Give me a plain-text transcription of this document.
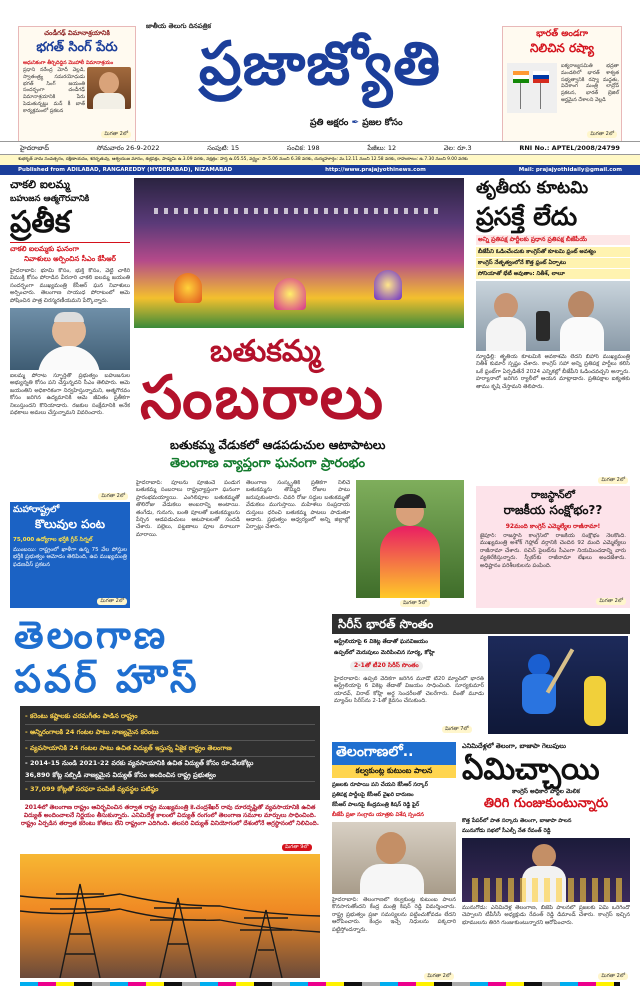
చండీగఢ్ విమానాశ్రయానికి
భగత్ సింగ్ పేరు
ఆధునికంగా తీర్చిదిద్దిన మొహాలీ విమానాశ్రయం
ప్రధాని నరేంద్ర మోదీ వెల్లడి, స్వాతంత్ర్య సమరయోధుడు భగత్ సింగ్ జయంతి సందర్భంగా చండీగఢ్ విమానాశ్రయానికి పేరు పెడుతున్నట్టు మన్ కీ బాత్ కార్యక్రమంలో ప్రకటన
మిగతా 2లో
జాతీయ తెలుగు దినపత్రిక
ప్రజాజ్యోతి
ప్రతి అక్షరం ✒ ప్రజల కోసం
భారత్ అండగా
నిలిచిన రష్యా
ఐక్యరాజ్యసమితి భద్రతా మండలిలో భారత్ శాశ్వత సభ్యత్వానికి రష్యా మద్దతు, విదేశాంగ మంత్రి లావ్రోవ్ ప్రకటన, భారత్ బ్రెజిల్ అర్హమైన దేశాలని వెల్లడి
మిగతా 2లో
హైదరాబాద్	సోమవారం 26-9-2022	సంపుటి: 15	సంచిక: 198	పేజీలు: 12	వెల: రూ.3	RNI No.: APTEL/2008/24799
శుభకృత్ నామ సంవత్సరం, దక్షిణాయనం, శరదృతువు, ఆశ్వయుజ మాసం, శుక్లపక్షం, పాడ్యమి ఉ.3.09 వరకు, నక్షత్రం: హస్త ఉ.05.55, వర్జ్యం: సా.5.06 నుంచి 6.38 వరకు, దుర్ముహూర్తం: మ.12.11 నుంచి 12.58 వరకు, రాహుకాలం: ఉ.7.30 నుంచి 9.00 వరకు
Published from ADILABAD, RANGAREDDY (HYDERABAD), NIZAMABAD	http://www.prajajyothinews.com	Mail: prajajyothidaily@gmail.com
చాకలి ఐలమ్మ
బహుజన ఆత్మగౌరవానికి
ప్రతీక
చాకలి ఐలమ్మకు ఘనంగా
నివాళులు అర్పించిన సీఎం కేసీఆర్
హైదరాబాద్: భూమి కోసం, భుక్తి కోసం, వెట్టి చాకిరి విముక్తి కోసం పోరాడిన వీరనారి చాకలి ఐలమ్మ జయంతి సందర్భంగా ముఖ్యమంత్రి కేసీఆర్ ఘన నివాళులు అర్పించారు. తెలంగాణ సాయుధ పోరాటంలో ఆమె పోషించిన పాత్ర చిరస్మరణీయమని పేర్కొన్నారు.
ఐలమ్మ పోరాట స్ఫూర్తితో ప్రభుత్వం బహుజనుల అభ్యున్నతి కోసం పని చేస్తున్నదని సీఎం తెలిపారు. ఆమె జయంతిని అధికారికంగా నిర్వహిస్తున్నామని, ఆత్మగౌరవం కోసం జరిగిన ఉద్యమానికి ఆమె జీవితం ప్రతీకగా నిలుస్తుందని కొనియాడారు. రజకుల సంక్షేమానికి అనేక పథకాలు అమలు చేస్తున్నామని వివరించారు.
మిగతా 2లో
మహారాష్ట్రలో
కొలువుల పంట
75,000 ఉద్యోగాల భర్తీకి గ్రీన్ సిగ్నల్
ముంబయి: రాష్ట్రంలో ఖాళీగా ఉన్న 75 వేల పోస్టుల భర్తీకి ప్రభుత్వం ఆమోదం తెలిపింది, ఉప ముఖ్యమంత్రి ఫడణవీస్ ప్రకటన
మిగతా 2లో
బతుకమ్మ
సంబరాలు
బతుకమ్మ వేడుకలో ఆడపడుచుల ఆటాపాటలు
తెలంగాణ వ్యాప్తంగా ఘనంగా ప్రారంభం
హైదరాబాద్: పూలను పూజించే పండుగ బతుకమ్మ సంబరాలు రాష్ట్రవ్యాప్తంగా ఘనంగా ప్రారంభమయ్యాయి. ఎంగిలిపూల బతుకమ్మతో తొలిరోజు వేడుకలు అంబరాన్ని అంటాయి. తంగేడు, గునుగు, బంతి పూలతో బతుకమ్మలను పేర్చిన ఆడపడుచులు ఆటపాటలతో సందడి చేశారు. పల్లెలు, పట్టణాలు పూల వనాలుగా మారాయి.
తెలంగాణ సంస్కృతికి ప్రతీకగా నిలిచే బతుకమ్మను తొమ్మిది రోజుల పాటు జరుపుకుంటారు. చివరి రోజు సద్దుల బతుకమ్మతో వేడుకలు ముగుస్తాయి. మహిళలు సంప్రదాయ దుస్తులు ధరించి బతుకమ్మ పాటలు పాడుతూ ఆడారు. ప్రభుత్వం ఆధ్వర్యంలో అన్ని జిల్లాల్లో ఏర్పాట్లు చేశారు.
మిగతా 5లో
తృతీయ కూటమి
ప్రసక్తే లేదు
అన్ని ప్రతిపక్ష పార్టీలకు ప్రధాన ప్రతిపక్ష బీజేపీయే
బీజేపీని ఓడించేందుకు కాంగ్రెస్‌తో కూటమి ఫ్రంట్ అవశ్యం
కాంగ్రెస్ నేతృత్వంలోనే కొత్త ఫ్రంట్ ఏర్పాటు
సోనియాతో భేటీ అవుతాం: నితీశ్, లాలూ
న్యూఢిల్లీ: తృతీయ కూటమికి అవకాశమే లేదని బీహార్ ముఖ్యమంత్రి నితీశ్ కుమార్ స్పష్టం చేశారు. కాంగ్రెస్ సహా అన్ని ప్రతిపక్ష పార్టీలు కలిసి ఒకే ఫ్రంట్‌గా ఏర్పడితేనే 2024 ఎన్నికల్లో బీజేపీని ఓడించవచ్చని అన్నారు. హర్యానాలో జరిగిన ర్యాలీలో ఆయన మాట్లాడారు. ప్రతిపక్షాల ఐక్యతకు తాము కృషి చేస్తామని తెలిపారు.
మిగతా 2లో
రాజస్థాన్‌లో
రాజకీయ సంక్షోభం??
92మంది కాంగ్రెస్ ఎమ్మెల్యేల రాజీనామా!
జైపూర్: రాజస్థాన్ కాంగ్రెస్‌లో రాజకీయ సంక్షోభం నెలకొంది. ముఖ్యమంత్రి అశోక్ గెహ్లాట్ వర్గానికి చెందిన 92 మంది ఎమ్మెల్యేలు రాజీనామా చేశారు. సచిన్ పైలట్‌ను సీఎంగా నియమించడాన్ని వారు వ్యతిరేకిస్తున్నారు. స్పీకర్‌కు రాజీనామా లేఖలు అందజేశారు. అధిష్టానం పరిశీలకులను పంపింది.
మిగతా 2లో
తెలంగాణ
పవర్ హౌస్
- కరెంటు కష్టాలకు చరమగీతం పాడిన రాష్ట్రం
- అన్నిరంగాలకి 24 గంటల పాటు నాణ్యమైన కరెంటు
- వ్యవసాయానికి 24 గంటల పాటు ఉచిత విద్యుత్ ఇస్తున్న ఏకైక రాష్ట్రం తెలంగాణ
- 2014-15 నుండి 2021-22 వరకు వ్యవసాయానికి ఉచిత విద్యుత్ కోసం రూ.వేలకోట్లు
36,890 కోట్ల సబ్సిడీ నాణ్యమైన విద్యుత్ కోసం అందించిన రాష్ట్ర ప్రభుత్వం
- 37,099 కోట్లతో సరఫరా పంపిణీ వ్యవస్థల పటిష్ఠం
2014లో తెలంగాణ రాష్ట్రం ఆవిర్భవించిన తర్వాత రాష్ట్ర ముఖ్యమంత్రి కె.చంద్రశేఖర్ రావు దూరదృష్టితో వ్యవసాయానికి ఉచిత విద్యుత్ అందించాలనే నిర్ణయం తీసుకున్నారు. ఎనిమిదేళ్ల కాలంలో విద్యుత్ రంగంలో తెలంగాణ సమూల మార్పులు సాధించింది. రాష్ట్రం ఏర్పడిన తర్వాత కరెంటు కోతలు లేని రాష్ట్రంగా ఎదిగింది. తలసరి విద్యుత్ వినియోగంలో దేశంలోనే అగ్రస్థానంలో నిలిచింది.
మిగతా 9లో
సిరీస్ భారత్ సొంతం
ఆస్ట్రేలియాపై 6 వికెట్ల తేడాతో ఘనవిజయం
ఉప్పల్‌లో మెరుపులు మెరిపించిన సూర్య, కోహ్లి
2-1తో టీ20 సిరీస్ సొంతం
హైదరాబాద్: ఉప్పల్ వేదికగా జరిగిన మూడో టీ20 మ్యాచ్‌లో భారత్ ఆస్ట్రేలియాపై 6 వికెట్ల తేడాతో విజయం సాధించింది. సూర్యకుమార్ యాదవ్, విరాట్ కోహ్లి అర్ధ సెంచరీలతో చెలరేగారు. దీంతో మూడు మ్యాచ్‌ల సిరీస్‌ను 2-1తో కైవసం చేసుకుంది.
మిగతా 7లో
తెలంగాణలో..
కల్వకుంట్ల కుటుంబ పాలన
ప్రజలకు రూపాయి పని చేయని కేసీఆర్ సర్కార్
ప్రతిపక్ష పార్టీలపై కేసీఆర్ వైఖరి దారుణం
కేసీఆర్ పాలనపై కేంద్రమంత్రి కిషన్ రెడ్డి ఫైర్
బీజేపీ ప్రజా సంగ్రామ యాత్రకు విశేష స్పందన
హైదరాబాద్: తెలంగాణలో కల్వకుంట్ల కుటుంబ పాలన కొనసాగుతోందని కేంద్ర మంత్రి కిషన్ రెడ్డి విమర్శించారు. రాష్ట్ర ప్రభుత్వం ప్రజా సమస్యలను పట్టించుకోవడం లేదని ఆరోపించారు. కేంద్రం ఇచ్చే నిధులను పక్కదారి పట్టిస్తోందన్నారు.
మిగతా 2లో
ఎనిమిదేళ్లలో తెలంగా, బాజాపా గెలుపులు
ఏమిచ్చాయి
కాంగ్రెస్ అధికార పార్టీల మెలిక
తిరిగి గుంజుకుంటున్నారు
కొత్త పేపర్‌లో పాత సర్కారు తెలంగా, బాజాపా పాలన
మునుగోడు సభలో సీఎల్పీ నేత రేవంత్ రెడ్డి
మునుగోడు: ఎనిమిదేళ్ల తెలంగాణ, బీజేపీ పాలనలో ప్రజలకు ఏమి ఒరిగిందో చెప్పాలని టీపీసీసీ అధ్యక్షుడు రేవంత్ రెడ్డి డిమాండ్ చేశారు. కాంగ్రెస్ ఇచ్చిన భూములను తిరిగి గుంజుకుంటున్నారని ఆరోపించారు.
మిగతా 2లో
